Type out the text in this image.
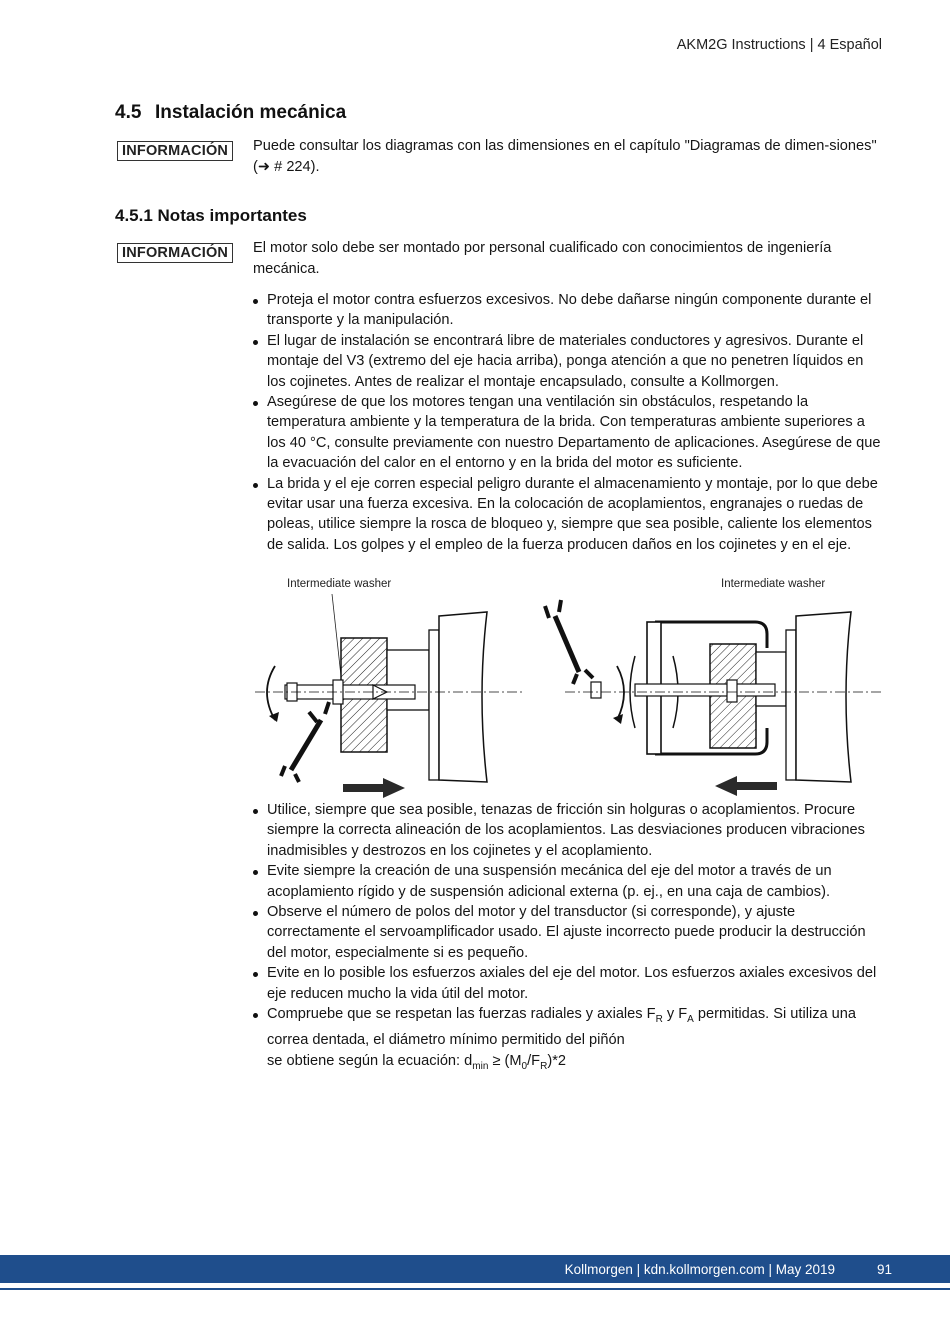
AKM2G Instructions | 4 Español
4.5 Instalación mecánica
INFORMACIÓN	Puede consultar los diagramas con las dimensiones en el capítulo "Diagramas de dimen-siones"(➜ # 224).

4.5.1 Notas importantes
INFORMACIÓN	El motor solo debe ser montado por personal cualificado con conocimientos de ingeniería mecánica.

Proteja el motor contra esfuerzos excesivos. No debe dañarse ningún componente durante el transporte y la manipulación.
El lugar de instalación se encontrará libre de materiales conductores y agresivos. Durante el montaje del V3 (extremo del eje hacia arriba), ponga atención a que no penetren líquidos en los cojinetes. Antes de realizar el montaje encapsulado, consulte a Kollmorgen.
Asegúrese de que los motores tengan una ventilación sin obstáculos, respetando la temperatura ambiente y la temperatura de la brida. Con temperaturas ambiente superiores a los 40 °C, consulte previamente con nuestro Departamento de aplicaciones. Asegúrese de que la evacuación del calor en el entorno y en la brida del motor es suficiente.
La brida y el eje corren especial peligro durante el almacenamiento y montaje, por lo que debe evitar usar una fuerza excesiva. En la colocación de acoplamientos, engranajes o ruedas de poleas, utilice siempre la rosca de bloqueo y, siempre que sea posible, caliente los elementos de salida. Los golpes y el empleo de la fuerza producen daños en los cojinetes y en el eje.
Intermediate washer	Intermediate washer
Utilice, siempre que sea posible, tenazas de fricción sin holguras o acoplamientos. Procure siempre la correcta alineación de los acoplamientos. Las desviaciones producen vibraciones inadmisibles y destrozos en los cojinetes y el acoplamiento.
Evite siempre la creación de una suspensión mecánica del eje del motor a través de un acoplamiento rígido y de suspensión adicional externa (p. ej., en una caja de cambios).
Observe el número de polos del motor y del transductor (si corresponde), y ajuste correctamente el servoamplificador usado. El ajuste incorrecto puede producir la destrucción del motor, especialmente si es pequeño.
Evite en lo posible los esfuerzos axiales del eje del motor. Los esfuerzos axiales excesivos del eje reducen mucho la vida útil del motor.
Compruebe que se respetan las fuerzas radiales y axiales $F_R$ y $F_A$ permitidas. Si utiliza una correa dentada, el diámetro mínimo permitido del piñón
se obtiene según la ecuación: $d_{min} \ge (M_0/F_R)*2$
Kollmorgen | kdn.kollmorgen.com | May 2019	91
